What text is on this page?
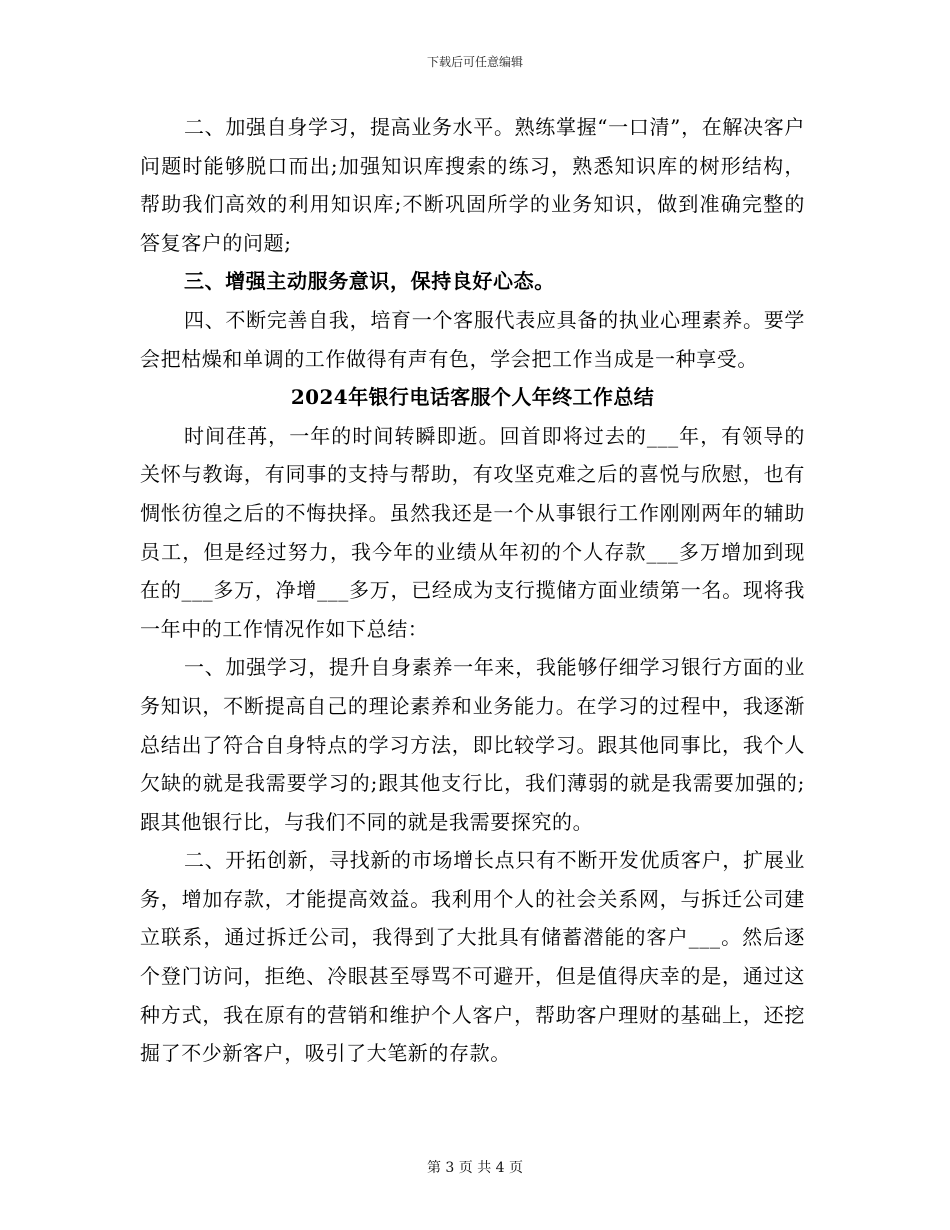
下载后可任意编辑

二、加强自身学习，提高业务水平。熟练掌握“一口清”，在解决客户问题时能够脱口而出;加强知识库搜索的练习，熟悉知识库的树形结构，帮助我们高效的利用知识库;不断巩固所学的业务知识，做到准确完整的答复客户的问题;

三、增强主动服务意识，保持良好心态。

四、不断完善自我，培育一个客服代表应具备的执业心理素养。要学会把枯燥和单调的工作做得有声有色，学会把工作当成是一种享受。

2024年银行电话客服个人年终工作总结

时间荏苒，一年的时间转瞬即逝。回首即将过去的___年，有领导的关怀与教诲，有同事的支持与帮助，有攻坚克难之后的喜悦与欣慰，也有惆怅彷徨之后的不悔抉择。虽然我还是一个从事银行工作刚刚两年的辅助员工，但是经过努力，我今年的业绩从年初的个人存款___多万增加到现在的___多万，净增___多万，已经成为支行揽储方面业绩第一名。现将我一年中的工作情况作如下总结：

一、加强学习，提升自身素养一年来，我能够仔细学习银行方面的业务知识，不断提高自己的理论素养和业务能力。在学习的过程中，我逐渐总结出了符合自身特点的学习方法，即比较学习。跟其他同事比，我个人欠缺的就是我需要学习的;跟其他支行比，我们薄弱的就是我需要加强的;跟其他银行比，与我们不同的就是我需要探究的。

二、开拓创新，寻找新的市场增长点只有不断开发优质客户，扩展业务，增加存款，才能提高效益。我利用个人的社会关系网，与拆迁公司建立联系，通过拆迁公司，我得到了大批具有储蓄潜能的客户___。然后逐个登门访问，拒绝、冷眼甚至辱骂不可避开，但是值得庆幸的是，通过这种方式，我在原有的营销和维护个人客户，帮助客户理财的基础上，还挖掘了不少新客户，吸引了大笔新的存款。

第 3 页 共 4 页
